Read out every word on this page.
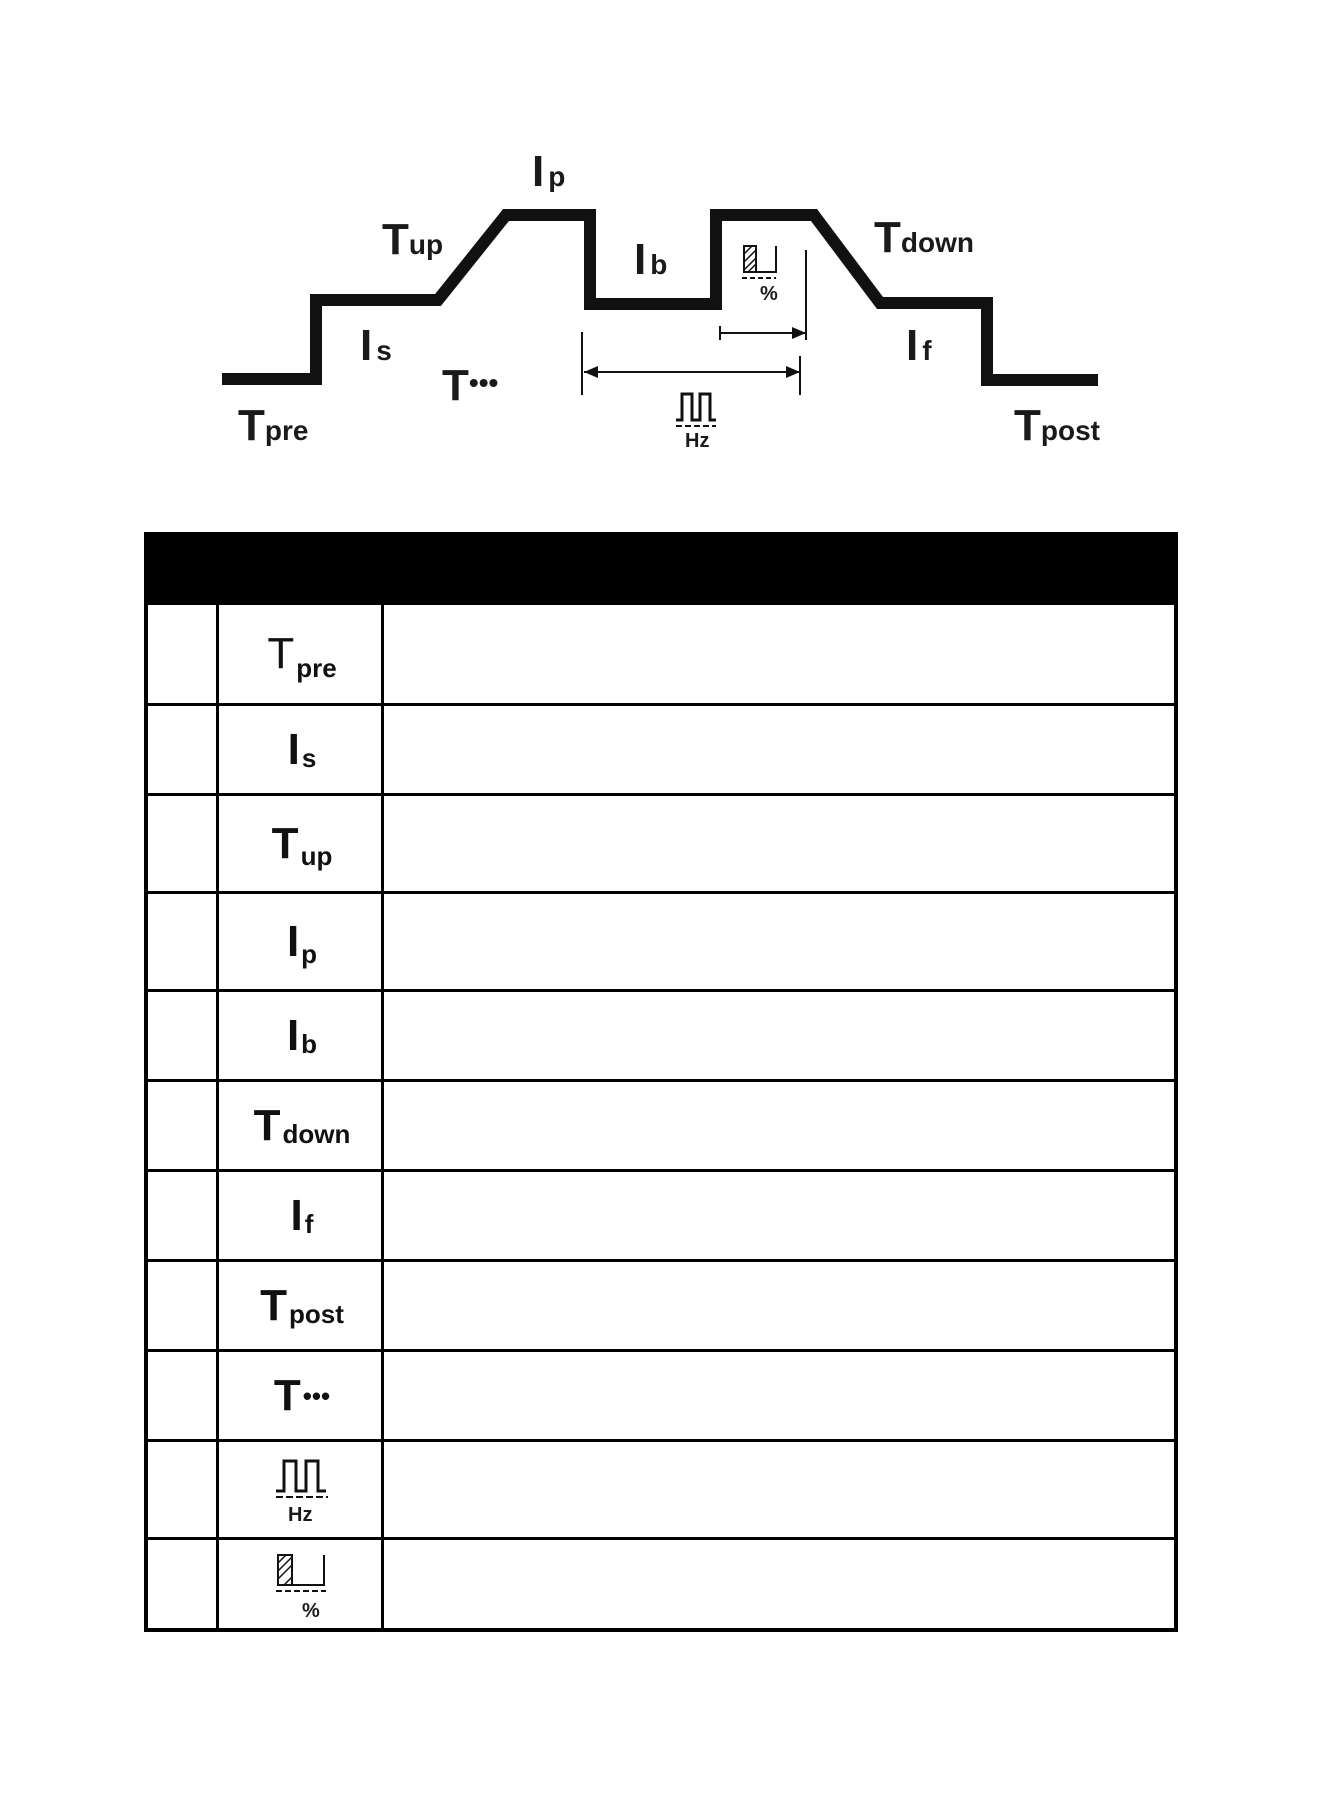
Ip
Tup	Ib
Tdown
Is	If
T•••
Tpre	Tpost
Hz
%
T pre
I s
T up
I p
I b
T down
I f
T post
T •••
Hz
%
